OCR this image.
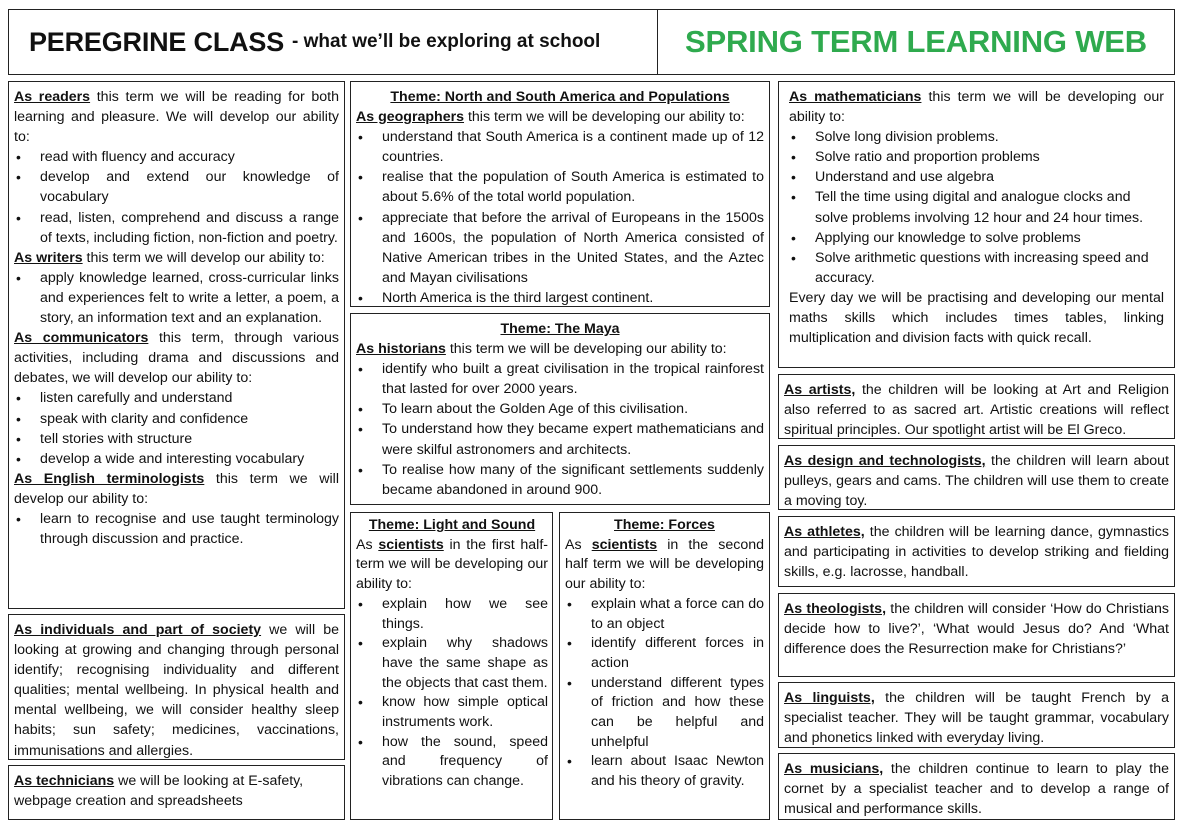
PEREGRINE CLASS - what we’ll be exploring at school	SPRING TERM LEARNING WEB
As readers this term we will be reading for both learning and pleasure. We will develop our ability to:
• read with fluency and accuracy
• develop and extend our knowledge of vocabulary
• read, listen, comprehend and discuss a range of texts, including fiction, non-fiction and poetry.
As writers this term we will develop our ability to:
• apply knowledge learned, cross-curricular links and experiences felt to write a letter, a poem, a story, an information text and an explanation.
As communicators this term, through various activities, including drama and discussions and debates, we will develop our ability to:
• listen carefully and understand
• speak with clarity and confidence
• tell stories with structure
• develop a wide and interesting vocabulary
As English terminologists this term we will develop our ability to:
• learn to recognise and use taught terminology through discussion and practice.
As individuals and part of society we will be looking at growing and changing through personal identify; recognising individuality and different qualities; mental wellbeing. In physical health and mental wellbeing, we will consider healthy sleep habits; sun safety; medicines, vaccinations, immunisations and allergies.
As technicians we will be looking at E-safety, webpage creation and spreadsheets
Theme: North and South America and Populations
As geographers this term we will be developing our ability to:
• understand that South America is a continent made up of 12 countries.
• realise that the population of South America is estimated to about 5.6% of the total world population.
• appreciate that before the arrival of Europeans in the 1500s and 1600s, the population of North America consisted of Native American tribes in the United States, and the Aztec and Mayan civilisations
• North America is the third largest continent.
Theme: The Maya
As historians this term we will be developing our ability to:
• identify who built a great civilisation in the tropical rainforest that lasted for over 2000 years.
• To learn about the Golden Age of this civilisation.
• To understand how they became expert mathematicians and were skilful astronomers and architects.
• To realise how many of the significant settlements suddenly became abandoned in around 900.
Theme: Light and Sound
As scientists in the first half-term we will be developing our ability to:
• explain how we see things.
• explain why shadows have the same shape as the objects that cast them.
• know how simple optical instruments work.
• how the sound, speed and frequency of vibrations can change.
Theme: Forces
As scientists in the second half term we will be developing our ability to:
• explain what a force can do to an object
• identify different forces in action
• understand different types of friction and how these can be helpful and unhelpful
• learn about Isaac Newton and his theory of gravity.
As mathematicians this term we will be developing our ability to:
• Solve long division problems.
• Solve ratio and proportion problems
• Understand and use algebra
• Tell the time using digital and analogue clocks and solve problems involving 12 hour and 24 hour times.
• Applying our knowledge to solve problems
• Solve arithmetic questions with increasing speed and accuracy.
Every day we will be practising and developing our mental maths skills which includes times tables, linking multiplication and division facts with quick recall.
As artists, the children will be looking at Art and Religion also referred to as sacred art. Artistic creations will reflect spiritual principles. Our spotlight artist will be El Greco.
As design and technologists, the children will learn about pulleys, gears and cams. The children will use them to create a moving toy.
As athletes, the children will be learning dance, gymnastics and participating in activities to develop striking and fielding skills, e.g. lacrosse, handball.
As theologists, the children will consider ‘How do Christians decide how to live?’, ‘What would Jesus do? And ‘What difference does the Resurrection make for Christians?’
As linguists, the children will be taught French by a specialist teacher. They will be taught grammar, vocabulary and phonetics linked with everyday living.
As musicians, the children continue to learn to play the cornet by a specialist teacher and to develop a range of musical and performance skills.
